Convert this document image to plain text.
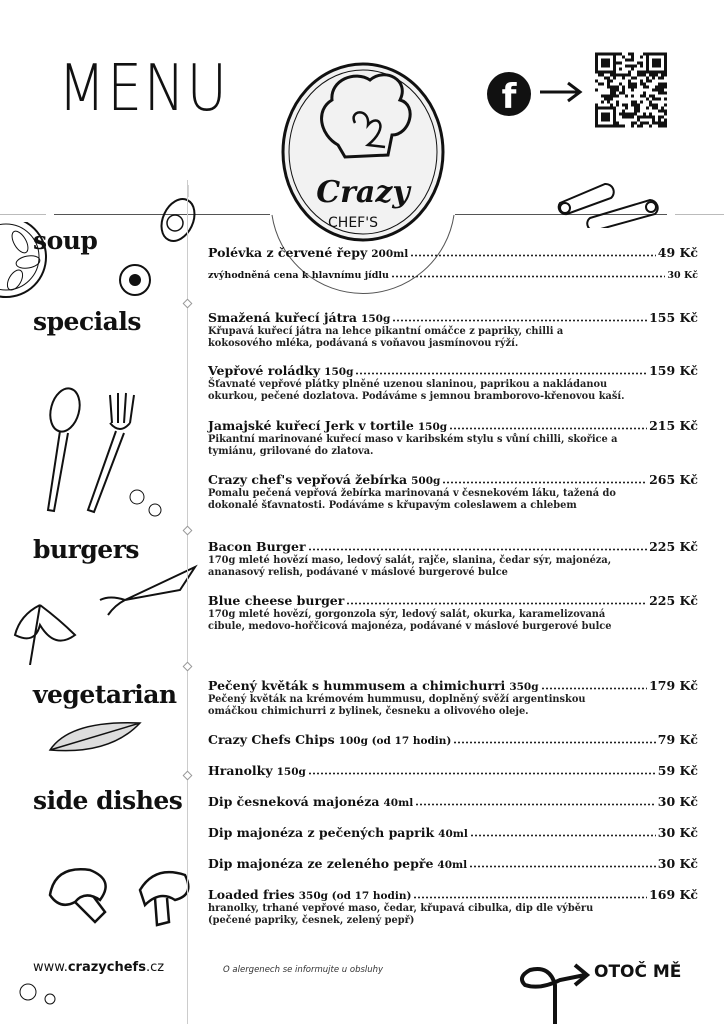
MENU
Crazy
CHEF'S
f
soup
specials
burgers
vegetarian
side dishes
Polévka z červené řepy 200ml	49 Kč
zvýhodněná cena k hlavnímu jídlu	30 Kč
Smažená kuřecí játra 150g	155 Kč
Křupavá kuřecí játra na lehce pikantní omáčce z papriky, chilli a kokosového mléka, podávaná s voňavou jasmínovou rýží.
Vepřové roládky 150g	159 Kč
Šťavnaté vepřové plátky plněné uzenou slaninou, paprikou a nakládanou okurkou, pečené dozlatova. Podáváme s jemnou bramborovo-křenovou kaší.
Jamajské kuřecí Jerk v tortile 150g	215 Kč
Pikantní marinované kuřecí maso v karibském stylu s vůní chilli, skořice a tymiánu, grilované do zlatova.
Crazy chef's vepřová žebírka 500g	265 Kč
Pomalu pečená vepřová žebírka marinovaná v česnekovém láku, tažená do dokonalé šťavnatosti. Podáváme s křupavým coleslawem a chlebem
Bacon Burger	225 Kč
170g mleté hovězí maso, ledový salát, rajče, slanina, čedar sýr, majonéza, ananasový relish, podávané v máslové burgerové bulce
Blue cheese burger	225 Kč
170g mleté hovězí, gorgonzola sýr, ledový salát, okurka, karamelizovaná cibule, medovo-hořčicová majonéza, podávané v máslové burgerové bulce
Pečený květák s hummusem a chimichurri 350g	179 Kč
Pečený květák na krémovém hummusu, doplněný svěží argentinskou omáčkou chimichurri z bylinek, česneku a olivového oleje.
Crazy Chefs Chips 100g (od 17 hodin)	79 Kč
Hranolky 150g	59 Kč
Dip česneková majonéza 40ml	30 Kč
Dip majonéza z pečených paprik 40ml	30 Kč
Dip majonéza ze zeleného pepře 40ml	30 Kč
Loaded fries 350g (od 17 hodin)	169 Kč
hranolky, trhané vepřové maso, čedar, křupavá cibulka, dip dle výběru (pečené papriky, česnek, zelený pepř)
www.crazychefs.cz	O alergenech se informujte u obsluhy	OTOČ MĚ
